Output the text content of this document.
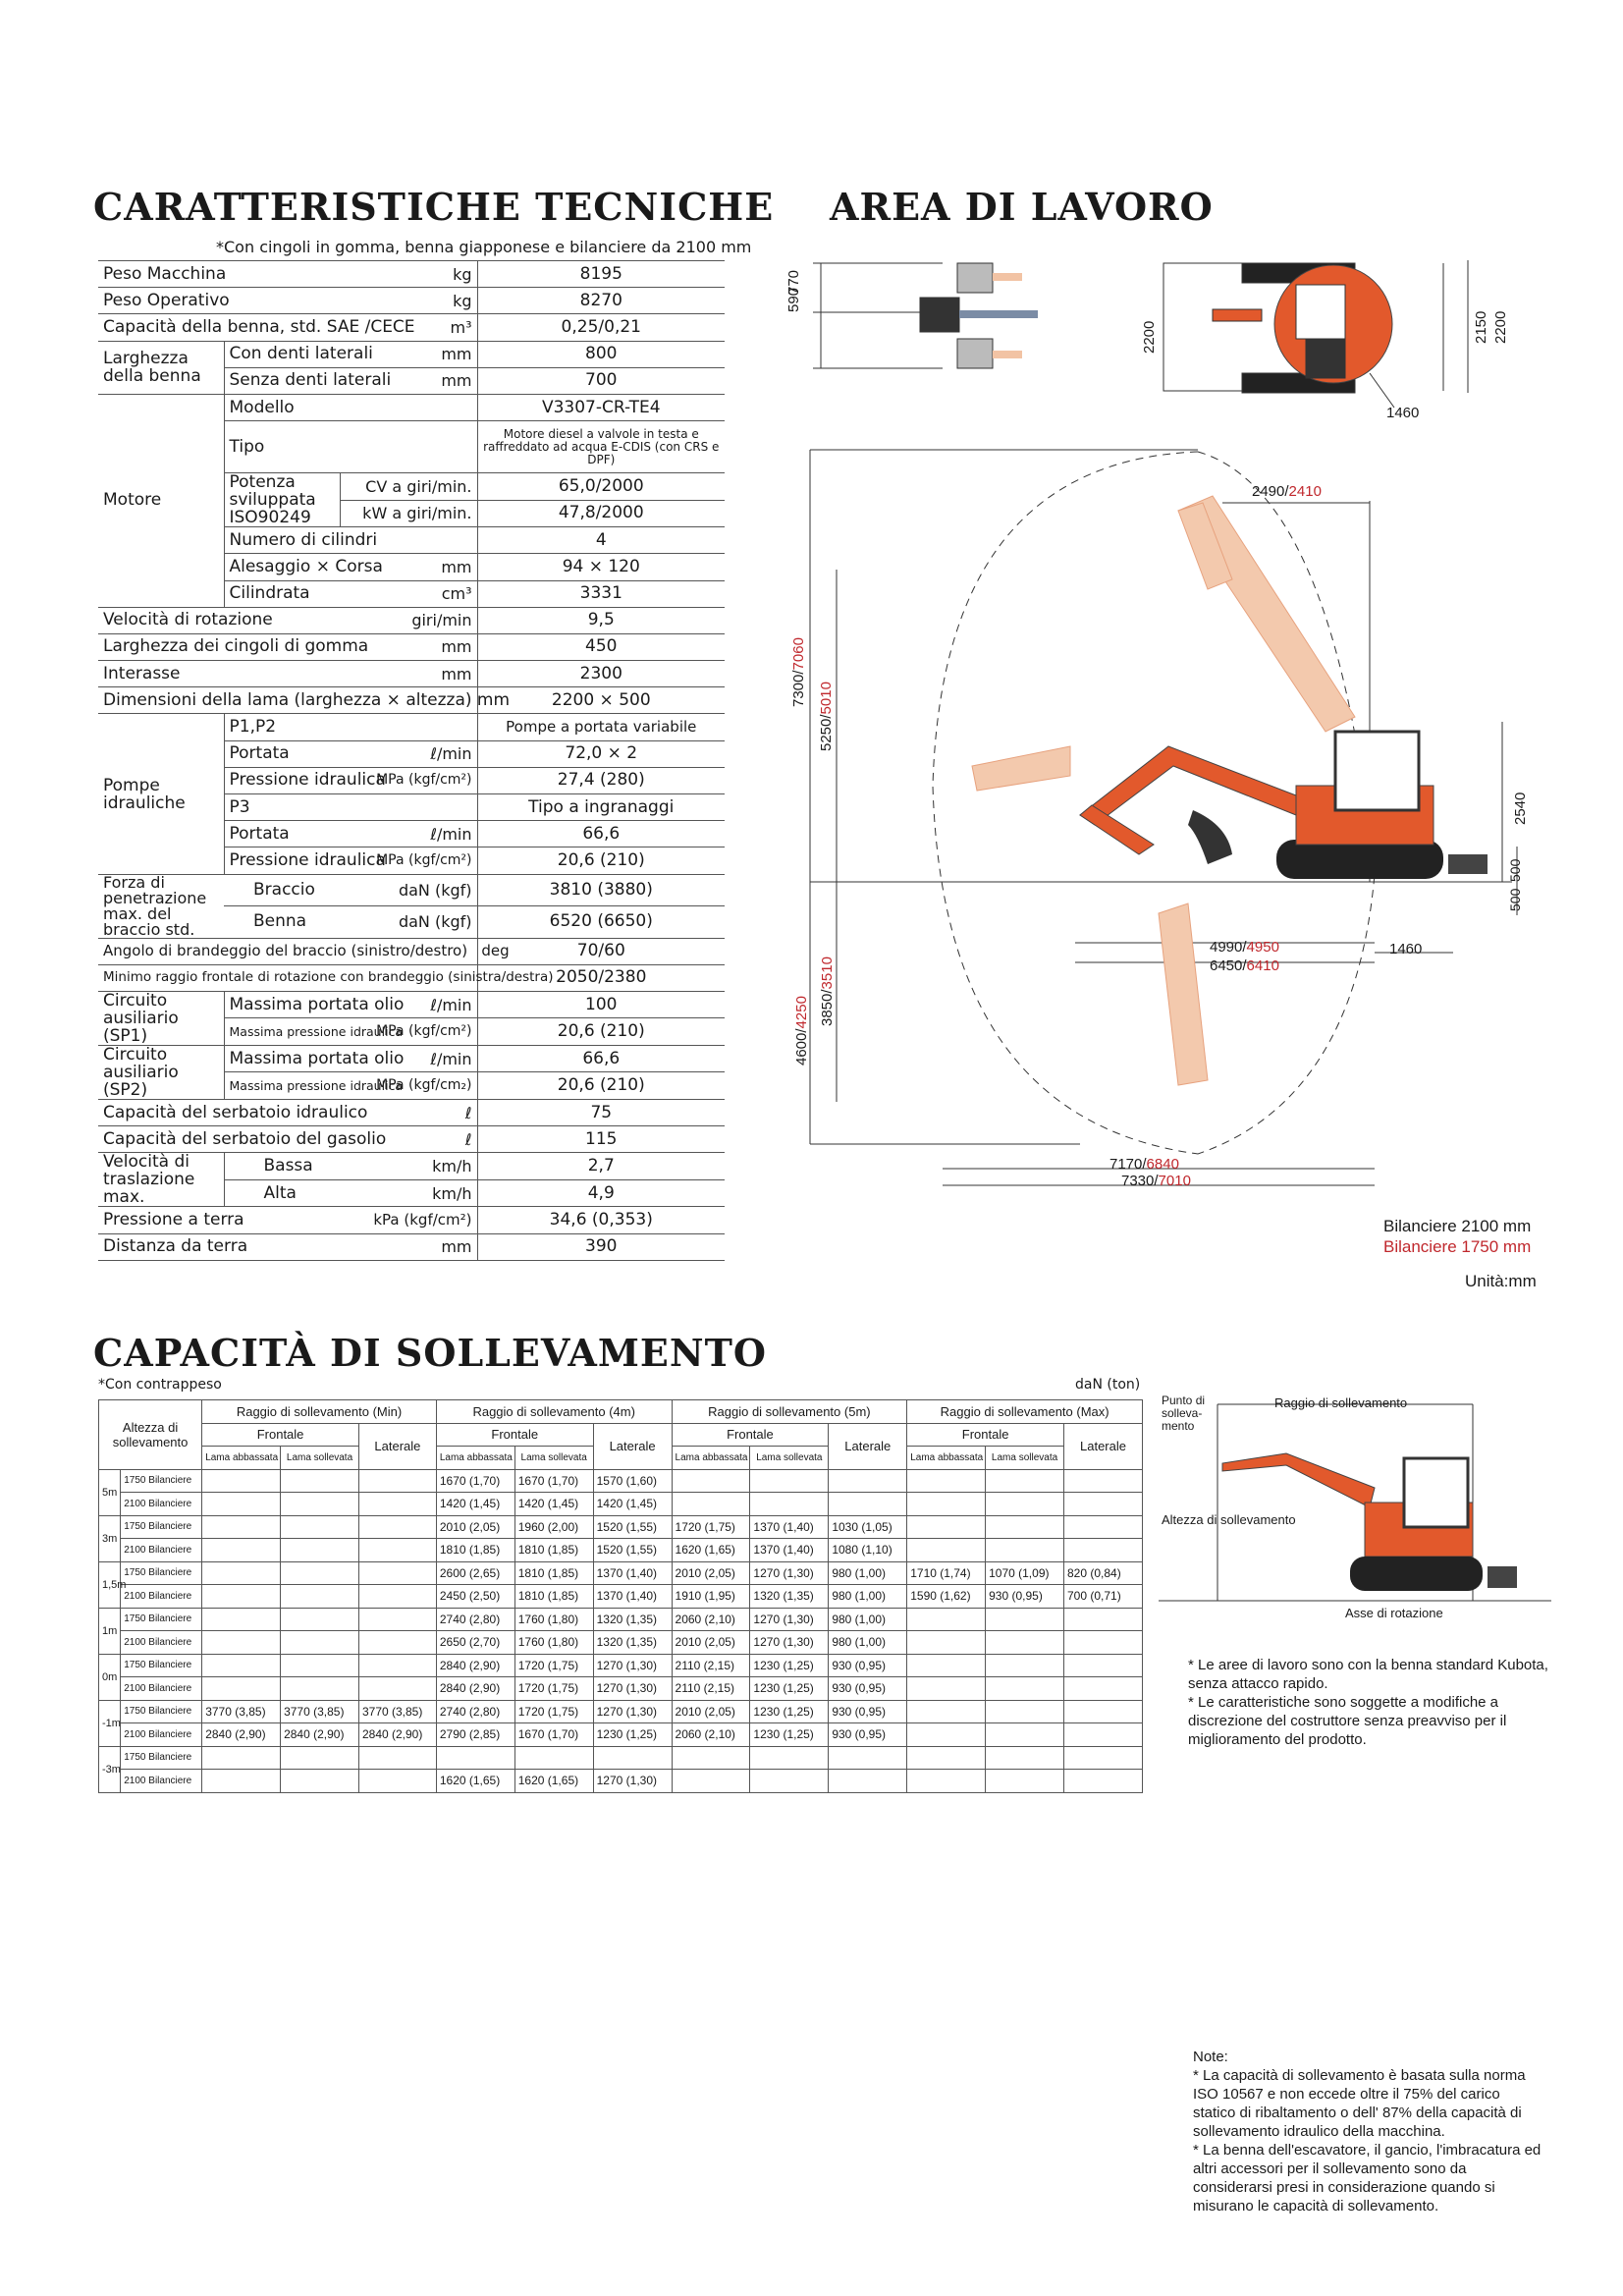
CARATTERISTICHE TECNICHE
*Con cingoli in gomma, benna giapponese e bilanciere da 2100 mm
Peso Macchina		kg	8195
Peso Operativo		kg	8270
Capacità della benna, std. SAE /CECE		m³	0,25/0,21
Larghezza della benna	Con denti laterali	mm	800
	Senza denti laterali	mm	700
Motore	Modello		V3307-CR-TE4
	Tipo		Motore diesel a valvole in testa e raffreddato ad acqua E-CDIS (con CRS e DPF)
	Potenza sviluppata ISO90249	CV a giri/min.	65,0/2000
		kW a giri/min.	47,8/2000
	Numero di cilindri		4
	Alesaggio × Corsa	mm	94 × 120
	Cilindrata	cm³	3331
Velocità di rotazione		giri/min	9,5
Larghezza dei cingoli di gomma		mm	450
Interasse		mm	2300
Dimensioni della lama (larghezza × altezza) mm			2200 × 500
Pompe idrauliche	P1,P2		Pompe a portata variabile
	Portata	ℓ/min	72,0 × 2
	Pressione idraulica	MPa (kgf/cm²)	27,4 (280)
	P3		Tipo a ingranaggi
	Portata	ℓ/min	66,6
	Pressione idraulica	MPa (kgf/cm²)	20,6 (210)
Forza di penetrazione max. del braccio std.	Braccio	daN (kgf)	3810 (3880)
	Benna	daN (kgf)	6520 (6650)
Angolo di brandeggio del braccio (sinistro/destro) deg			70/60
Minimo raggio frontale di rotazione con brandeggio (sinistra/destra)			2050/2380
Circuito ausiliario (SP1)	Massima portata olio	ℓ/min	100
	Massima pressione idraulica	MPa (kgf/cm²)	20,6 (210)
Circuito ausiliario (SP2)	Massima portata olio	ℓ/min	66,6
	Massima pressione idraulica	MPa (kgf/cm₂)	20,6 (210)
Capacità del serbatoio idraulico		ℓ	75
Capacità del serbatoio del gasolio		ℓ	115
Velocità di traslazione max.	Bassa	km/h	2,7
	Alta	km/h	4,9
Pressione a terra		kPa (kgf/cm²)	34,6 (0,353)
Distanza da terra		mm	390
AREA DI LAVORO
770
590
2200	2150 2200
1460
2490/2410
7300/7060
5250/5010
2540
500
500
4990/4950
6450/6410
1460
4600/4250 3850/3510
7170/6840
7330/7010
Bilanciere 2100 mm
Bilanciere 1750 mm
Unità:mm
CAPACITÀ DI SOLLEVAMENTO
*Con contrappeso	daN (ton)
Altezza di sollevamento		Raggio di sollevamento (Min)			Raggio di sollevamento (4m)			Raggio di sollevamento (5m)			Raggio di sollevamento (Max)		
		Frontale		Laterale	Frontale		Laterale	Frontale		Laterale	Frontale		Laterale
		Lama abbassata	Lama sollevata		Lama abbassata	Lama sollevata		Lama abbassata	Lama sollevata		Lama abbassata	Lama sollevata	
5m	1750 Bilanciere				1670 (1,70)	1670 (1,70)	1570 (1,60)						
	2100 Bilanciere				1420 (1,45)	1420 (1,45)	1420 (1,45)						
3m	1750 Bilanciere				2010 (2,05)	1960 (2,00)	1520 (1,55)	1720 (1,75)	1370 (1,40)	1030 (1,05)			
	2100 Bilanciere				1810 (1,85)	1810 (1,85)	1520 (1,55)	1620 (1,65)	1370 (1,40)	1080 (1,10)			
1,5m	1750 Bilanciere				2600 (2,65)	1810 (1,85)	1370 (1,40)	2010 (2,05)	1270 (1,30)	980 (1,00)	1710 (1,74)	1070 (1,09)	820 (0,84)
	2100 Bilanciere				2450 (2,50)	1810 (1,85)	1370 (1,40)	1910 (1,95)	1320 (1,35)	980 (1,00)	1590 (1,62)	930 (0,95)	700 (0,71)
1m	1750 Bilanciere				2740 (2,80)	1760 (1,80)	1320 (1,35)	2060 (2,10)	1270 (1,30)	980 (1,00)			
	2100 Bilanciere				2650 (2,70)	1760 (1,80)	1320 (1,35)	2010 (2,05)	1270 (1,30)	980 (1,00)			
0m	1750 Bilanciere				2840 (2,90)	1720 (1,75)	1270 (1,30)	2110 (2,15)	1230 (1,25)	930 (0,95)			
	2100 Bilanciere				2840 (2,90)	1720 (1,75)	1270 (1,30)	2110 (2,15)	1230 (1,25)	930 (0,95)			
-1m	1750 Bilanciere	3770 (3,85)	3770 (3,85)	3770 (3,85)	2740 (2,80)	1720 (1,75)	1270 (1,30)	2010 (2,05)	1230 (1,25)	930 (0,95)			
	2100 Bilanciere	2840 (2,90)	2840 (2,90)	2840 (2,90)	2790 (2,85)	1670 (1,70)	1230 (1,25)	2060 (2,10)	1230 (1,25)	930 (0,95)			
-3m	1750 Bilanciere												
	2100 Bilanciere				1620 (1,65)	1620 (1,65)	1270 (1,30)						
Punto di solleva-mento
Raggio di sollevamento
Altezza di sollevamento
Asse di rotazione
* Le aree di lavoro sono con la benna standard Kubota, senza attacco rapido.
* Le caratteristiche sono soggette a modifiche a discrezione del costruttore senza preavviso per il miglioramento del prodotto.
Note:
* La capacità di sollevamento è basata sulla norma ISO 10567 e non eccede oltre il 75% del carico statico di ribaltamento o dell' 87% della capacità di sollevamento idraulico della macchina.
* La benna dell'escavatore, il gancio, l'imbracatura ed altri accessori per il sollevamento sono da considerarsi presi in considerazione quando si misurano le capacità di sollevamento.
